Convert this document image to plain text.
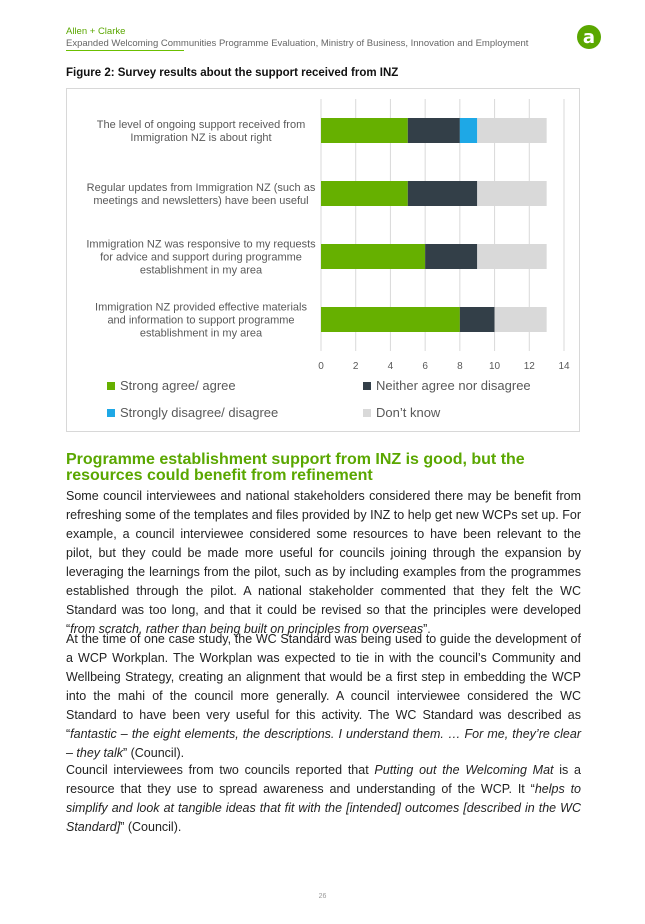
Allen + Clarke
Expanded Welcoming Communities Programme Evaluation, Ministry of Business, Innovation and Employment	a
Figure 2: Survey results about the support received from INZ
0	2	4	6	8	10 12 14
The level of ongoing support received from
Immigration NZ is about right
Regular updates from Immigration NZ (such as
meetings and newsletters) have been useful
Immigration NZ was responsive to my requests
for advice and support during programme
establishment in my area
Immigration NZ provided effective materials
and information to support programme
establishment in my area
Strong agree/ agree	Neither agree nor disagree
Strongly disagree/ disagree	Don’t know
Programme establishment support from INZ is good, but the resources could benefit from refinement
Some council interviewees and national stakeholders considered there may be benefit from refreshing some of the templates and files provided by INZ to help get new WCPs set up. For example, a council interviewee considered some resources to have been relevant to the pilot, but they could be made more useful for councils joining through the expansion by leveraging the learnings from the pilot, such as by including examples from the programmes established through the pilot. A national stakeholder commented that they felt the WC Standard was too long, and that it could be revised so that the principles were developed “from scratch, rather than being built on principles from overseas”.
At the time of one case study, the WC Standard was being used to guide the development of a WCP Workplan. The Workplan was expected to tie in with the council’s Community and Wellbeing Strategy, creating an alignment that would be a first step in embedding the WCP into the mahi of the council more generally. A council interviewee considered the WC Standard to have been very useful for this activity. The WC Standard was described as “fantastic – the eight elements, the descriptions. I understand them. … For me, they’re clear – they talk” (Council).
Council interviewees from two councils reported that Putting out the Welcoming Mat is a resource that they use to spread awareness and understanding of the WCP. It “helps to simplify and look at tangible ideas that fit with the [intended] outcomes [described in the WC Standard]” (Council).
26
